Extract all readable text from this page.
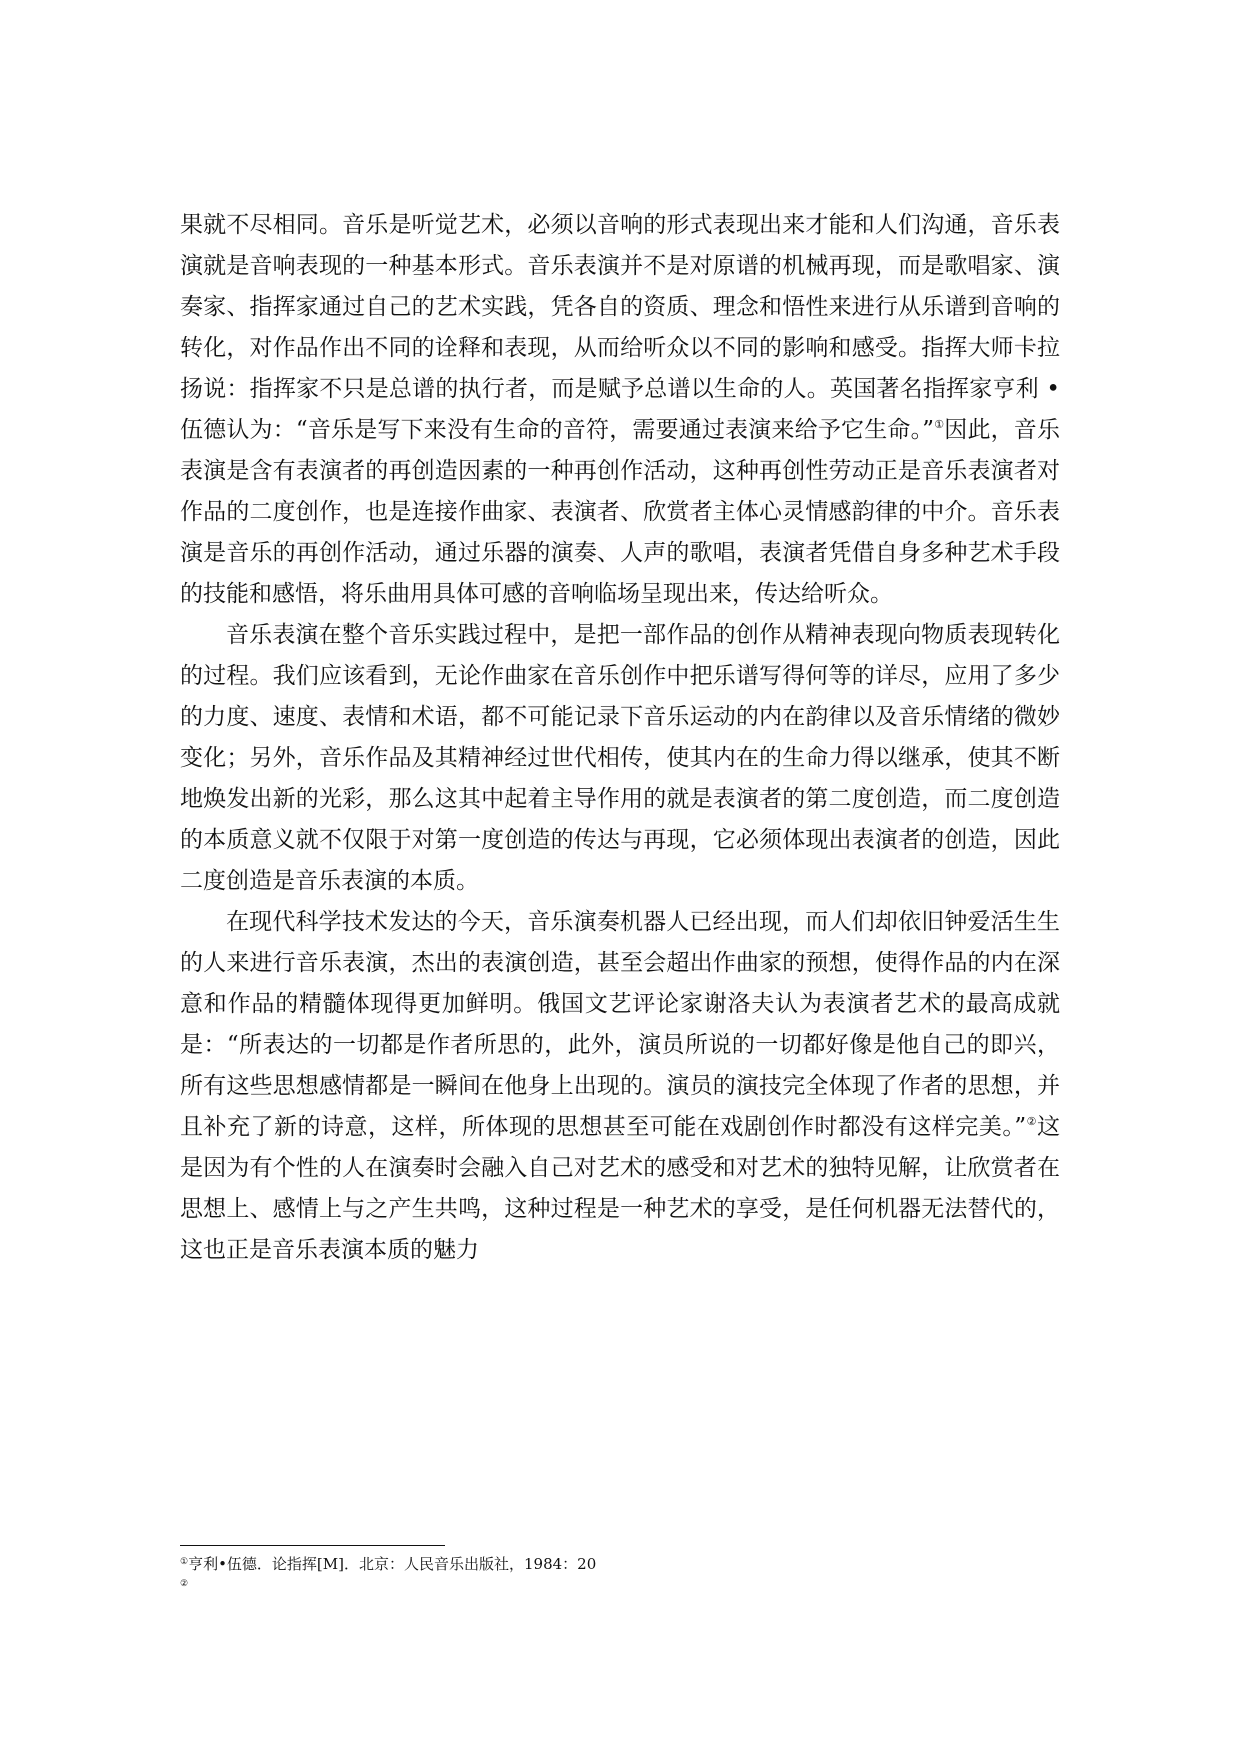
果就不尽相同。音乐是听觉艺术，必须以音响的形式表现出来才能和人们沟通，音乐表演就是音响表现的一种基本形式。音乐表演并不是对原谱的机械再现，而是歌唱家、演奏家、指挥家通过自己的艺术实践，凭各自的资质、理念和悟性来进行从乐谱到音响的转化，对作品作出不同的诠释和表现，从而给听众以不同的影响和感受。指挥大师卡拉扬说：指挥家不只是总谱的执行者，而是赋予总谱以生命的人。英国著名指挥家亨利 • 伍德认为：“音乐是写下来没有生命的音符，需要通过表演来给予它生命。”①因此，音乐表演是含有表演者的再创造因素的一种再创作活动，这种再创性劳动正是音乐表演者对作品的二度创作，也是连接作曲家、表演者、欣赏者主体心灵情感韵律的中介。音乐表演是音乐的再创作活动，通过乐器的演奏、人声的歌唱，表演者凭借自身多种艺术手段的技能和感悟，将乐曲用具体可感的音响临场呈现出来，传达给听众。

音乐表演在整个音乐实践过程中，是把一部作品的创作从精神表现向物质表现转化的过程。我们应该看到，无论作曲家在音乐创作中把乐谱写得何等的详尽，应用了多少的力度、速度、表情和术语，都不可能记录下音乐运动的内在韵律以及音乐情绪的微妙变化；另外，音乐作品及其精神经过世代相传，使其内在的生命力得以继承，使其不断地焕发出新的光彩，那么这其中起着主导作用的就是表演者的第二度创造，而二度创造的本质意义就不仅限于对第一度创造的传达与再现，它必须体现出表演者的创造，因此二度创造是音乐表演的本质。

在现代科学技术发达的今天，音乐演奏机器人已经出现，而人们却依旧钟爱活生生的人来进行音乐表演，杰出的表演创造，甚至会超出作曲家的预想，使得作品的内在深意和作品的精髓体现得更加鲜明。俄国文艺评论家谢洛夫认为表演者艺术的最高成就是：“所表达的一切都是作者所思的，此外，演员所说的一切都好像是他自己的即兴，所有这些思想感情都是一瞬间在他身上出现的。演员的演技完全体现了作者的思想，并且补充了新的诗意，这样，所体现的思想甚至可能在戏剧创作时都没有这样完美。”②这是因为有个性的人在演奏时会融入自己对艺术的感受和对艺术的独特见解，让欣赏者在思想上、感情上与之产生共鸣，这种过程是一种艺术的享受，是任何机器无法替代的，这也正是音乐表演本质的魅力

①亨利•伍德．论指挥[M]．北京：人民音乐出版社，1984：20

②
